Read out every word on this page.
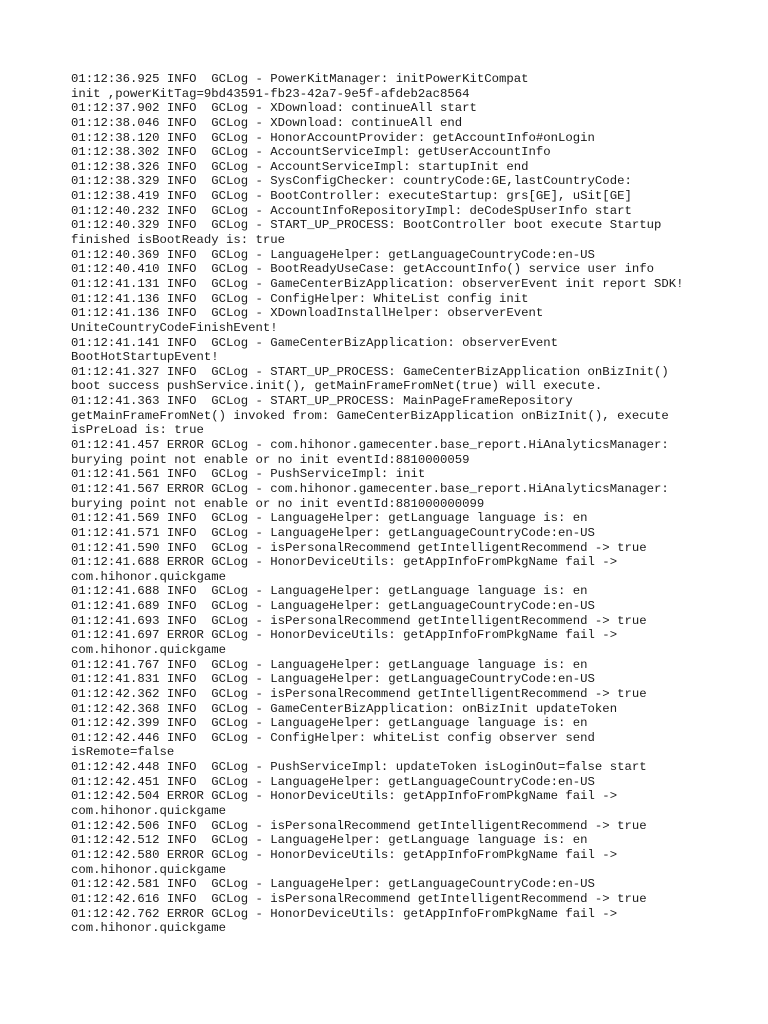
01:12:36.925 INFO  GCLog - PowerKitManager: initPowerKitCompat
init ,powerKitTag=9bd43591-fb23-42a7-9e5f-afdeb2ac8564
01:12:37.902 INFO  GCLog - XDownload: continueAll start
01:12:38.046 INFO  GCLog - XDownload: continueAll end
01:12:38.120 INFO  GCLog - HonorAccountProvider: getAccountInfo#onLogin
01:12:38.302 INFO  GCLog - AccountServiceImpl: getUserAccountInfo
01:12:38.326 INFO  GCLog - AccountServiceImpl: startupInit end
01:12:38.329 INFO  GCLog - SysConfigChecker: countryCode:GE,lastCountryCode:
01:12:38.419 INFO  GCLog - BootController: executeStartup: grs[GE], uSit[GE]
01:12:40.232 INFO  GCLog - AccountInfoRepositoryImpl: deCodeSpUserInfo start
01:12:40.329 INFO  GCLog - START_UP_PROCESS: BootController boot execute Startup
finished isBootReady is: true
01:12:40.369 INFO  GCLog - LanguageHelper: getLanguageCountryCode:en-US
01:12:40.410 INFO  GCLog - BootReadyUseCase: getAccountInfo() service user info
01:12:41.131 INFO  GCLog - GameCenterBizApplication: observerEvent init report SDK!
01:12:41.136 INFO  GCLog - ConfigHelper: WhiteList config init
01:12:41.136 INFO  GCLog - XDownloadInstallHelper: observerEvent
UniteCountryCodeFinishEvent!
01:12:41.141 INFO  GCLog - GameCenterBizApplication: observerEvent
BootHotStartupEvent!
01:12:41.327 INFO  GCLog - START_UP_PROCESS: GameCenterBizApplication onBizInit()
boot success pushService.init(), getMainFrameFromNet(true) will execute.
01:12:41.363 INFO  GCLog - START_UP_PROCESS: MainPageFrameRepository
getMainFrameFromNet() invoked from: GameCenterBizApplication onBizInit(), execute
isPreLoad is: true
01:12:41.457 ERROR GCLog - com.hihonor.gamecenter.base_report.HiAnalyticsManager:
burying point not enable or no init eventId:8810000059
01:12:41.561 INFO  GCLog - PushServiceImpl: init
01:12:41.567 ERROR GCLog - com.hihonor.gamecenter.base_report.HiAnalyticsManager:
burying point not enable or no init eventId:881000000099
01:12:41.569 INFO  GCLog - LanguageHelper: getLanguage language is: en
01:12:41.571 INFO  GCLog - LanguageHelper: getLanguageCountryCode:en-US
01:12:41.590 INFO  GCLog - isPersonalRecommend getIntelligentRecommend -> true
01:12:41.688 ERROR GCLog - HonorDeviceUtils: getAppInfoFromPkgName fail ->
com.hihonor.quickgame
01:12:41.688 INFO  GCLog - LanguageHelper: getLanguage language is: en
01:12:41.689 INFO  GCLog - LanguageHelper: getLanguageCountryCode:en-US
01:12:41.693 INFO  GCLog - isPersonalRecommend getIntelligentRecommend -> true
01:12:41.697 ERROR GCLog - HonorDeviceUtils: getAppInfoFromPkgName fail ->
com.hihonor.quickgame
01:12:41.767 INFO  GCLog - LanguageHelper: getLanguage language is: en
01:12:41.831 INFO  GCLog - LanguageHelper: getLanguageCountryCode:en-US
01:12:42.362 INFO  GCLog - isPersonalRecommend getIntelligentRecommend -> true
01:12:42.368 INFO  GCLog - GameCenterBizApplication: onBizInit updateToken
01:12:42.399 INFO  GCLog - LanguageHelper: getLanguage language is: en
01:12:42.446 INFO  GCLog - ConfigHelper: whiteList config observer send
isRemote=false
01:12:42.448 INFO  GCLog - PushServiceImpl: updateToken isLoginOut=false start
01:12:42.451 INFO  GCLog - LanguageHelper: getLanguageCountryCode:en-US
01:12:42.504 ERROR GCLog - HonorDeviceUtils: getAppInfoFromPkgName fail ->
com.hihonor.quickgame
01:12:42.506 INFO  GCLog - isPersonalRecommend getIntelligentRecommend -> true
01:12:42.512 INFO  GCLog - LanguageHelper: getLanguage language is: en
01:12:42.580 ERROR GCLog - HonorDeviceUtils: getAppInfoFromPkgName fail ->
com.hihonor.quickgame
01:12:42.581 INFO  GCLog - LanguageHelper: getLanguageCountryCode:en-US
01:12:42.616 INFO  GCLog - isPersonalRecommend getIntelligentRecommend -> true
01:12:42.762 ERROR GCLog - HonorDeviceUtils: getAppInfoFromPkgName fail ->
com.hihonor.quickgame
